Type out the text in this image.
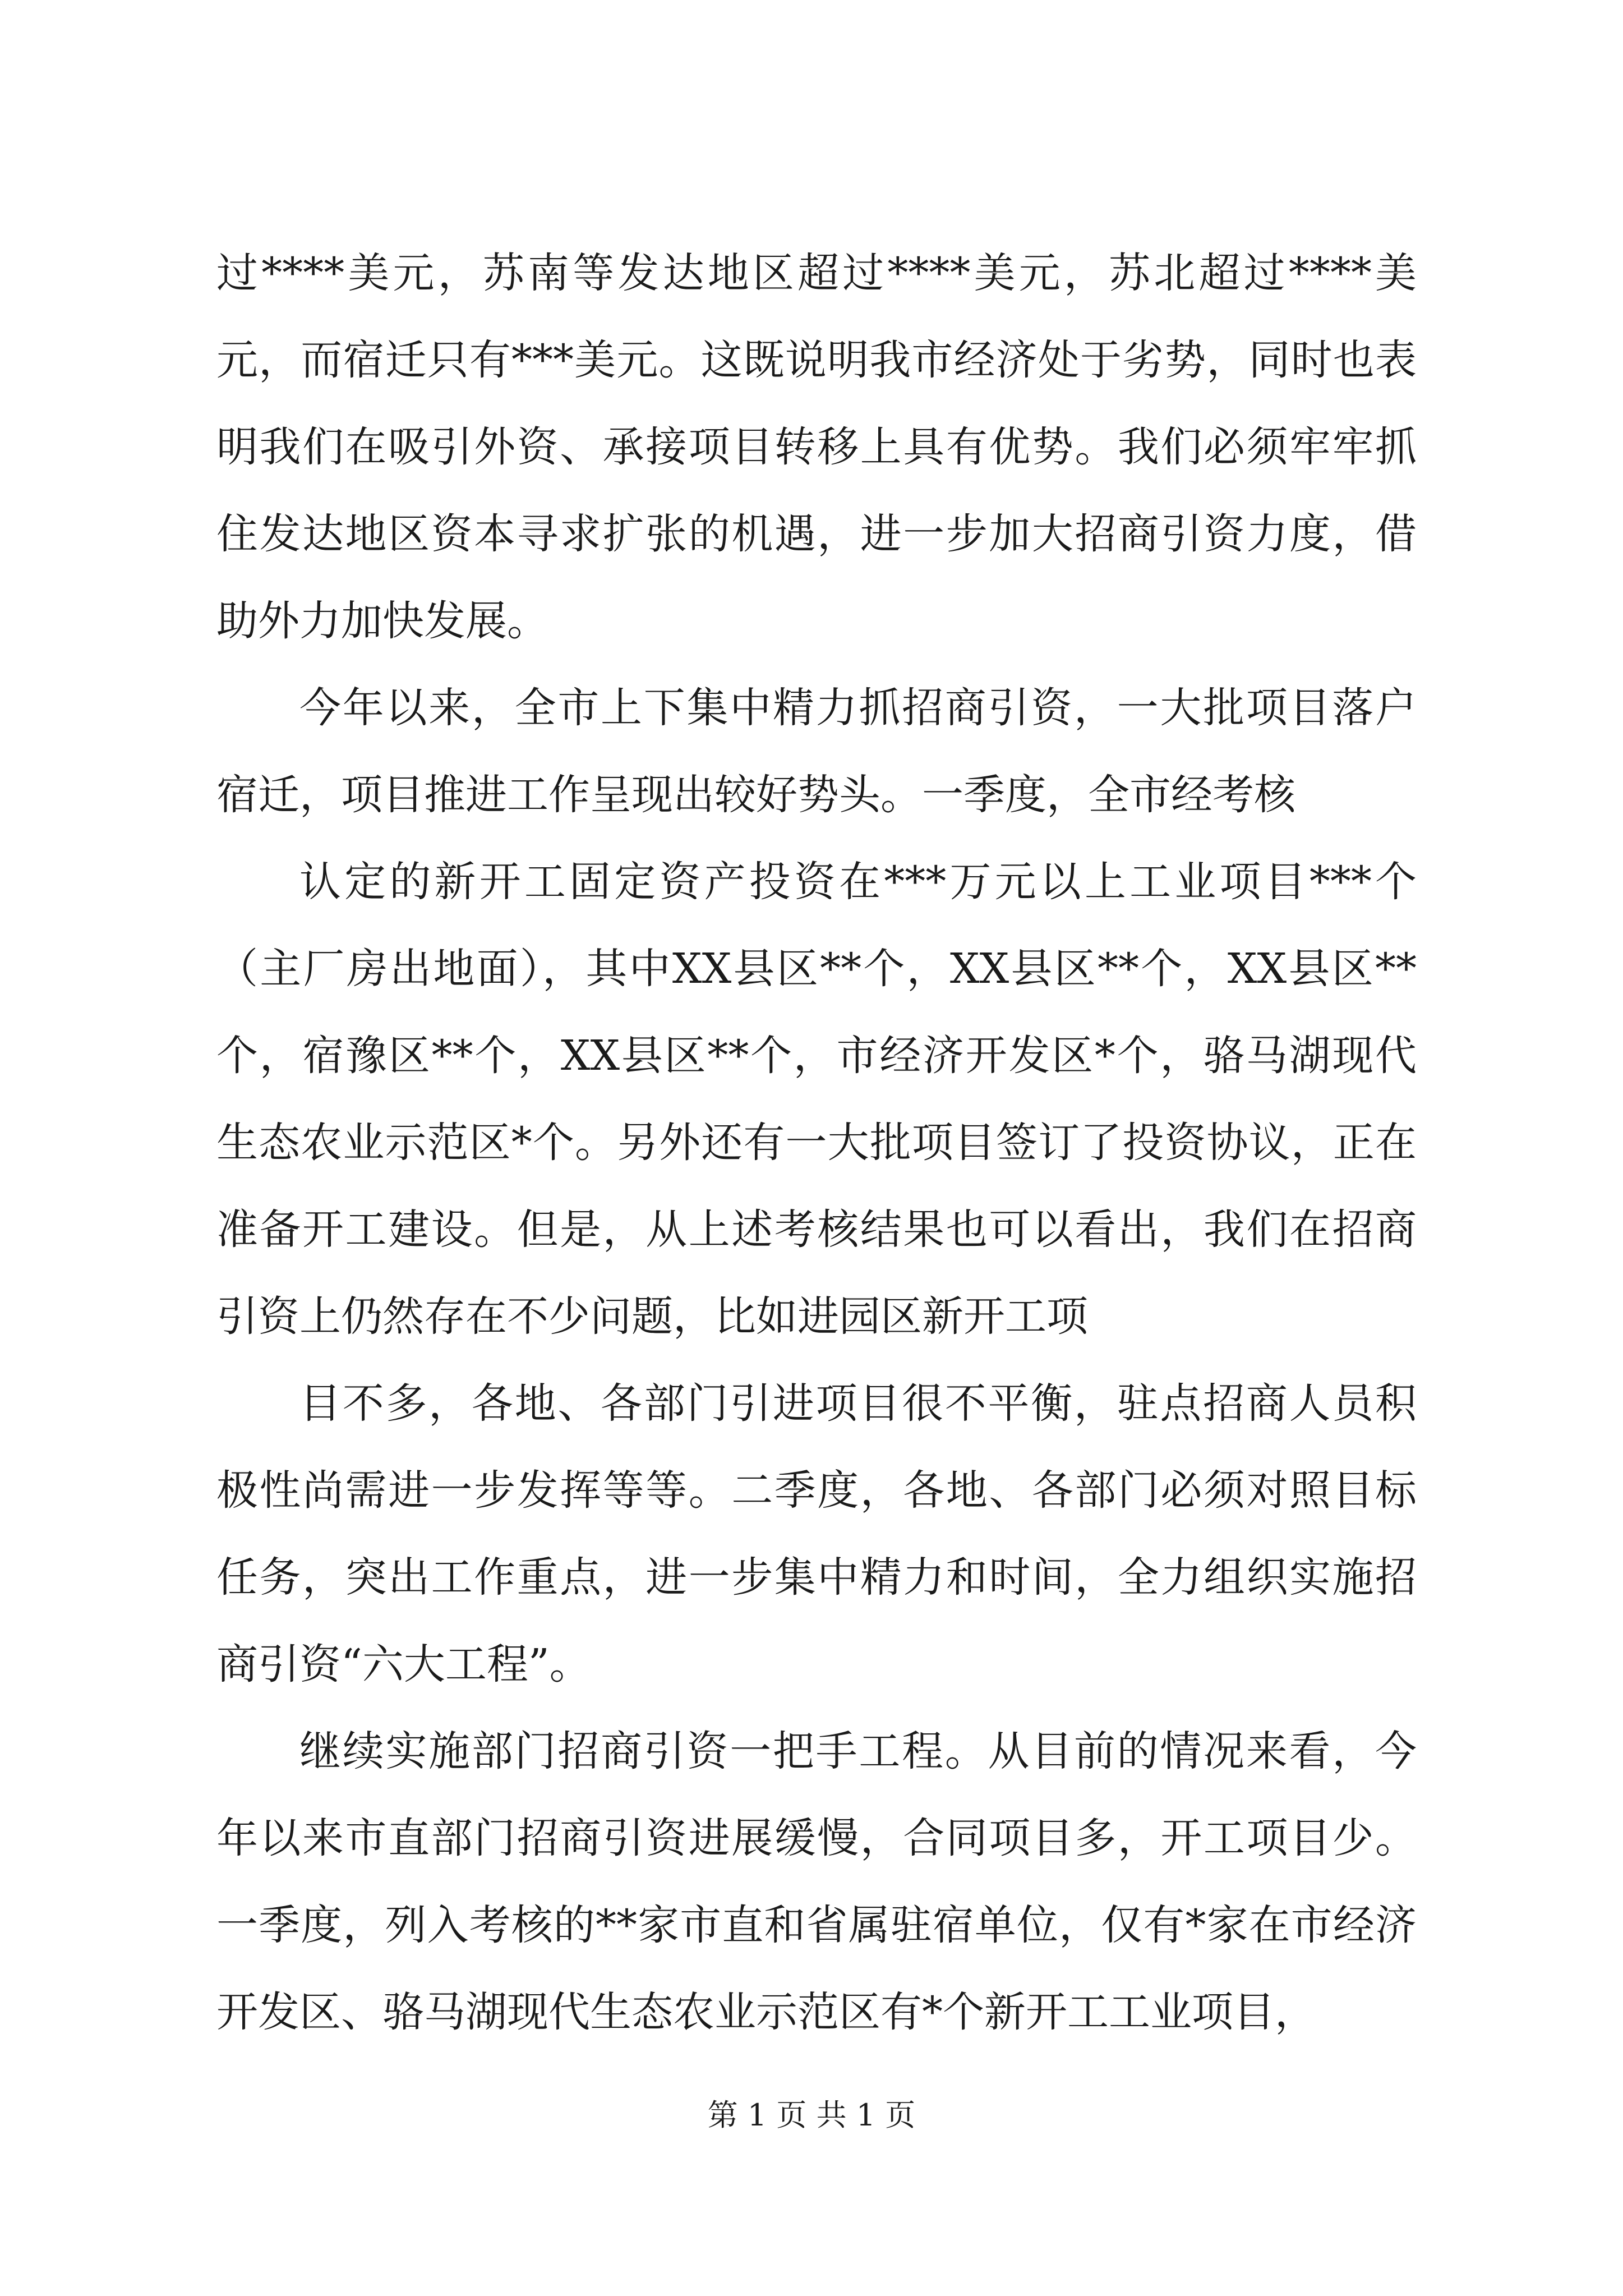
过****美元，苏南等发达地区超过****美元，苏北超过****美元，而宿迁只有***美元。这既说明我市经济处于劣势，同时也表明我们在吸引外资、承接项目转移上具有优势。我们必须牢牢抓住发达地区资本寻求扩张的机遇，进一步加大招商引资力度，借助外力加快发展。

今年以来，全市上下集中精力抓招商引资，一大批项目落户宿迁，项目推进工作呈现出较好势头。一季度，全市经考核

认定的新开工固定资产投资在***万元以上工业项目***个（主厂房出地面），其中XX县区**个，XX县区**个，XX县区**个，宿豫区**个，XX县区**个，市经济开发区*个，骆马湖现代生态农业示范区*个。另外还有一大批项目签订了投资协议，正在准备开工建设。但是，从上述考核结果也可以看出，我们在招商引资上仍然存在不少问题，比如进园区新开工项

目不多，各地、各部门引进项目很不平衡，驻点招商人员积极性尚需进一步发挥等等。二季度，各地、各部门必须对照目标任务，突出工作重点，进一步集中精力和时间，全力组织实施招商引资“六大工程”。

继续实施部门招商引资一把手工程。从目前的情况来看，今年以来市直部门招商引资进展缓慢，合同项目多，开工项目少。一季度，列入考核的**家市直和省属驻宿单位，仅有*家在市经济开发区、骆马湖现代生态农业示范区有*个新开工工业项目，

第 1 页 共 1 页
